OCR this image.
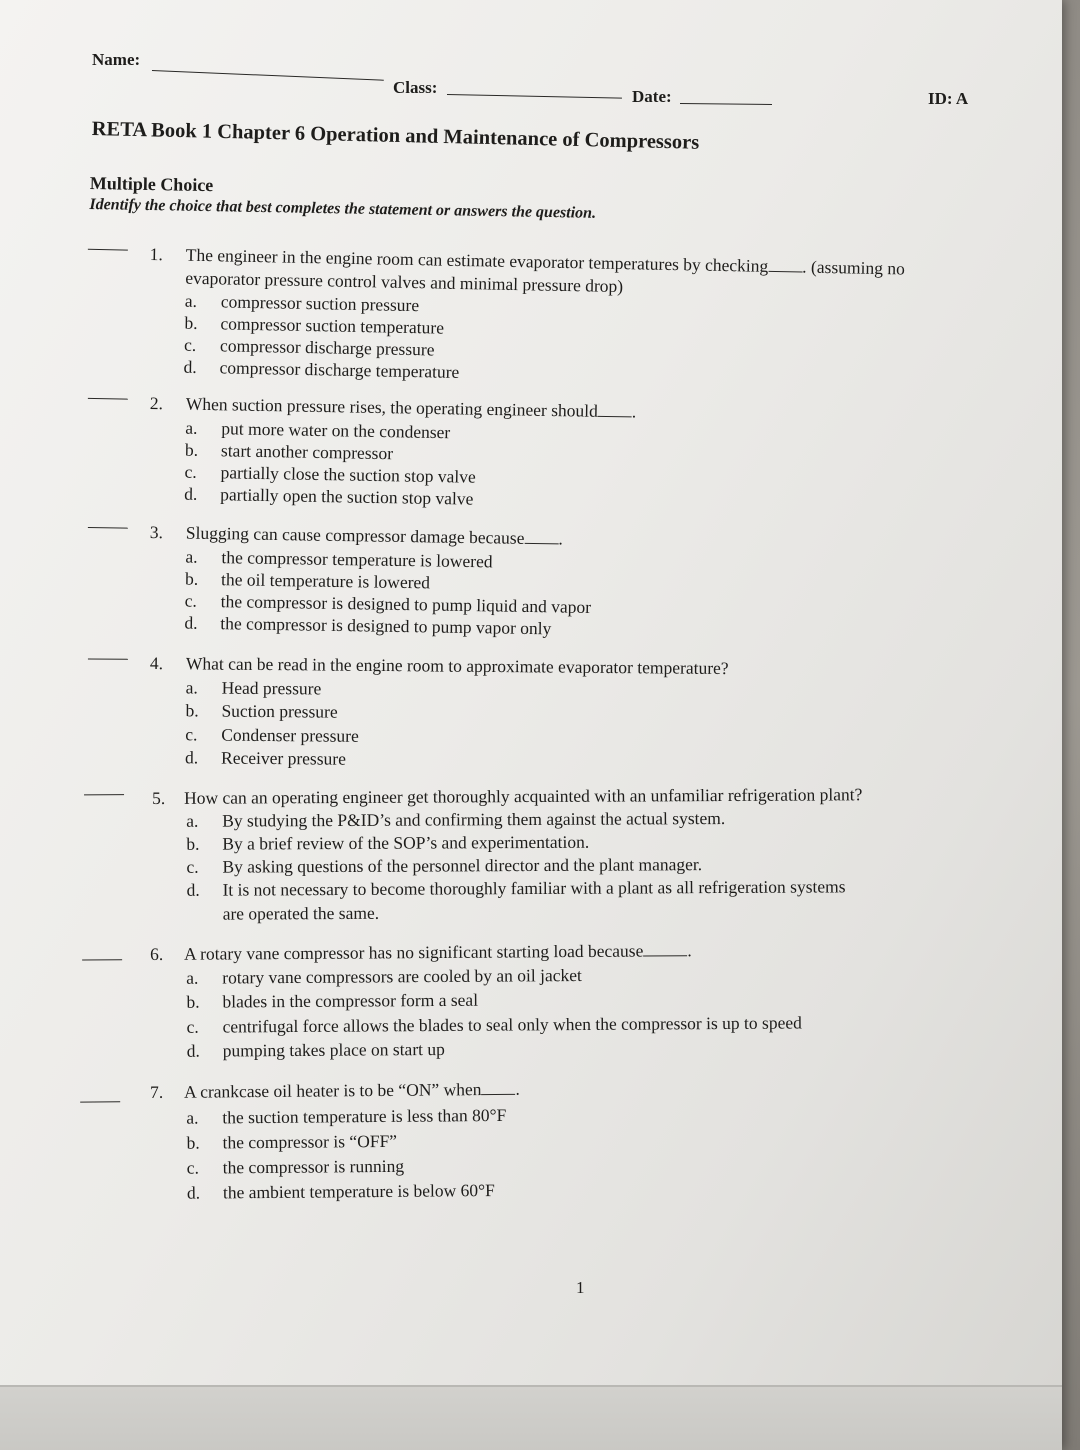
Name:
Class:	Date:	ID: A
RETA Book 1 Chapter 6 Operation and Maintenance of Compressors
Multiple Choice
Identify the choice that best completes the statement or answers the question.
1. The engineer in the engine room can estimate evaporator temperatures by checking . (assuming no
evaporator pressure control valves and minimal pressure drop)
a. compressor suction pressure
b. compressor suction temperature
c. compressor discharge pressure
d. compressor discharge temperature
2. When suction pressure rises, the operating engineer should .
a. put more water on the condenser
b. start another compressor
c. partially close the suction stop valve
d. partially open the suction stop valve
3. Slugging can cause compressor damage because .
a. the compressor temperature is lowered
b. the oil temperature is lowered
c. the compressor is designed to pump liquid and vapor
d. the compressor is designed to pump vapor only
4. What can be read in the engine room to approximate evaporator temperature?
a. Head pressure
b. Suction pressure
c. Condenser pressure
d. Receiver pressure
5. How can an operating engineer get thoroughly acquainted with an unfamiliar refrigeration plant?
a. By studying the P&ID’s and confirming them against the actual system.
b. By a brief review of the SOP’s and experimentation.
c. By asking questions of the personnel director and the plant manager.
d. It is not necessary to become thoroughly familiar with a plant as all refrigeration systems
are operated the same.
6. A rotary vane compressor has no significant starting load because	.
a. rotary vane compressors are cooled by an oil jacket
b. blades in the compressor form a seal
c. centrifugal force allows the blades to seal only when the compressor is up to speed
d. pumping takes place on start up
7. A crankcase oil heater is to be “ON” when .
a. the suction temperature is less than 80°F
b. the compressor is “OFF”
c. the compressor is running
d. the ambient temperature is below 60°F
1
